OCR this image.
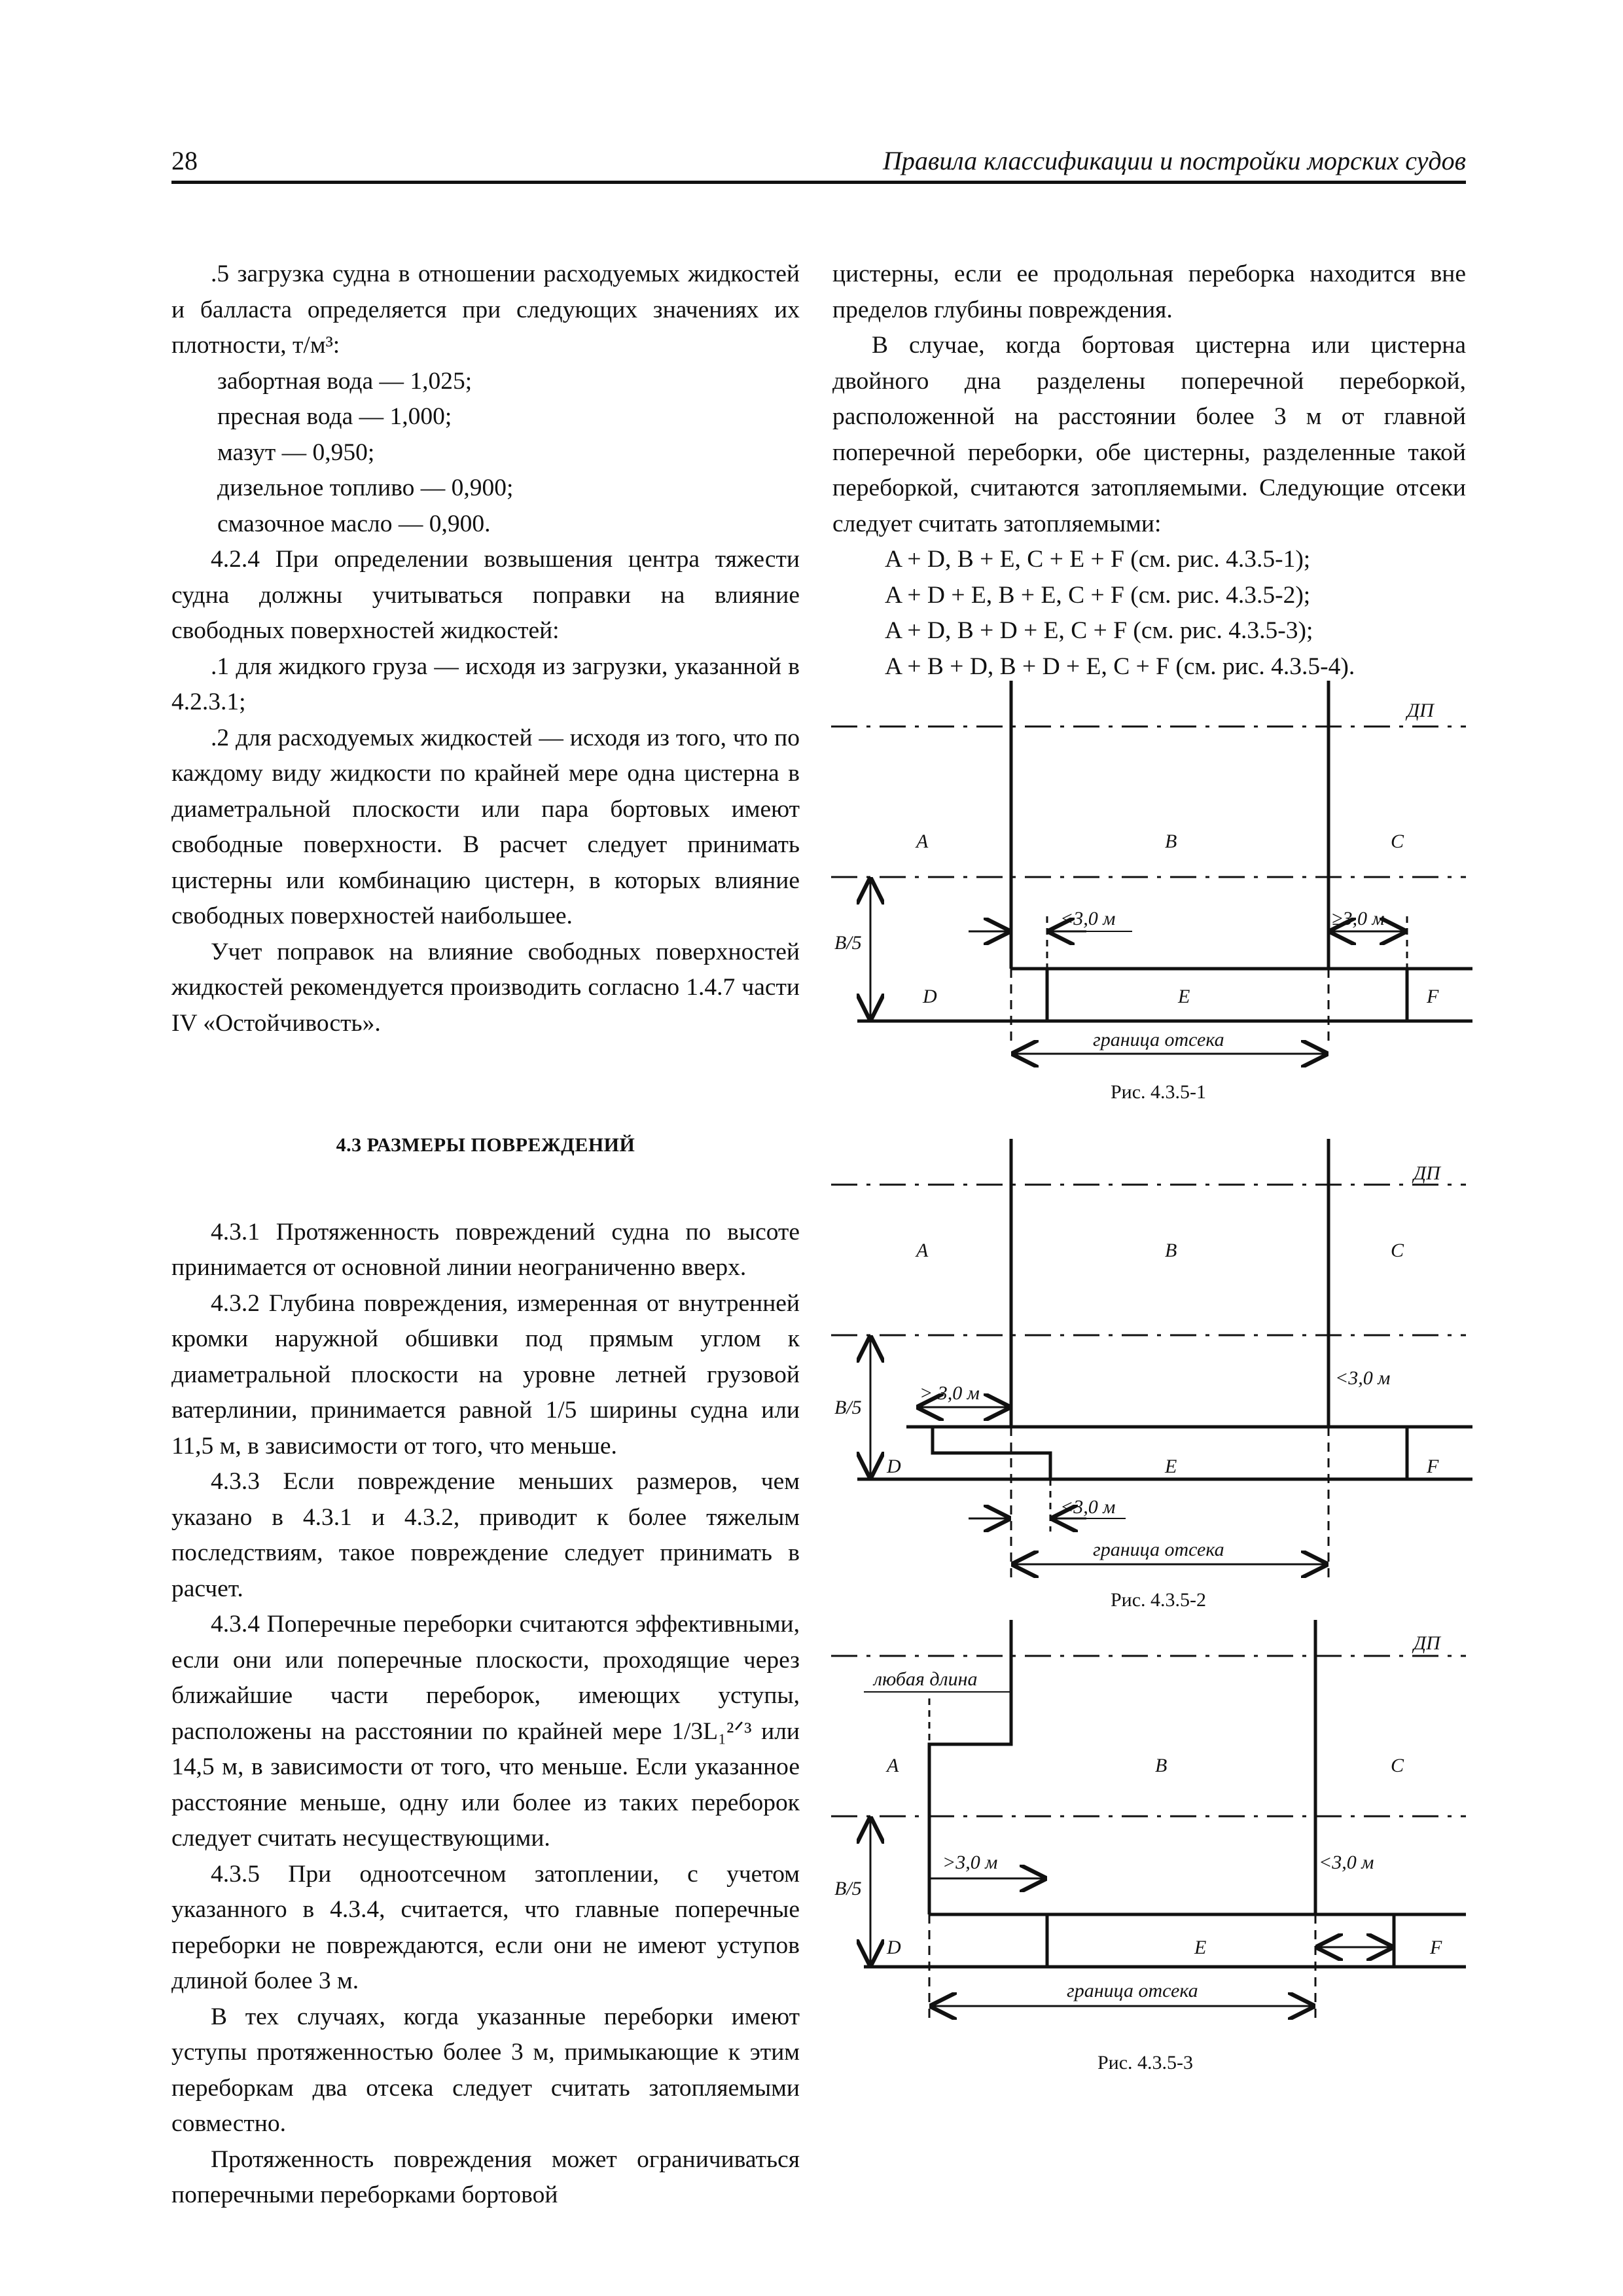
28	Правила классификации и постройки морских судов

.5 загрузка судна в отношении расходуемых жидкостей и балласта определяется при следующих значениях их плотности, т/м³:

забортная вода — 1,025;

пресная вода — 1,000;

мазут — 0,950;

дизельное топливо — 0,900;

смазочное масло — 0,900.

4.2.4 При определении возвышения центра тяжести судна должны учитываться поправки на влияние свободных поверхностей жидкостей:

.1 для жидкого груза — исходя из загрузки, указанной в 4.2.3.1;

.2 для расходуемых жидкостей — исходя из того, что по каждому виду жидкости по крайней мере одна цистерна в диаметральной плоскости или пара бортовых имеют свободные поверхности. В расчет следует принимать цистерны или комбинацию цистерн, в которых влияние свободных поверхностей наибольшее.

Учет поправок на влияние свободных поверхностей жидкостей рекомендуется производить согласно 1.4.7 части IV «Остойчивость».

4.3 РАЗМЕРЫ ПОВРЕЖДЕНИЙ

4.3.1 Протяженность повреждений судна по высоте принимается от основной линии неограниченно вверх.

4.3.2 Глубина повреждения, измеренная от внутренней кромки наружной обшивки под прямым углом к диаметральной плоскости на уровне летней грузовой ватерлинии, принимается равной 1/5 ширины судна или 11,5 м, в зависимости от того, что меньше.

4.3.3 Если повреждение меньших размеров, чем указано в 4.3.1 и 4.3.2, приводит к более тяжелым последствиям, такое повреждение следует принимать в расчет.

4.3.4 Поперечные переборки считаются эффективными, если они или поперечные плоскости, проходящие через ближайшие части переборок, имеющих уступы, расположены на расстоянии по крайней мере 1/3L₁²ᐟ³ или 14,5 м, в зависимости от того, что меньше. Если указанное расстояние меньше, одну или более из таких переборок следует считать несуществующими.

4.3.5 При одноотсечном затоплении, с учетом указанного в 4.3.4, считается, что главные поперечные переборки не повреждаются, если они не имеют уступов длиной более 3 м.

В тех случаях, когда указанные переборки имеют уступы протяженностью более 3 м, примыкающие к этим переборкам два отсека следует считать затопляемыми совместно.

Протяженность повреждения может ограничиваться поперечными переборками бортовой

цистерны, если ее продольная переборка находится вне пределов глубины повреждения.

В случае, когда бортовая цистерна или цистерна двойного дна разделены поперечной переборкой, расположенной на расстоянии более 3 м от главной поперечной переборки, обе цистерны, разделенные такой переборкой, считаются затопляемыми. Следующие отсеки следует считать затопляемыми:

A + D, B + E, C + E + F (см. рис. 4.3.5-1);

A + D + E, B + E, C + F (см. рис. 4.3.5-2);

A + D, B + D + E, C + F (см. рис. 4.3.5-3);

A + B + D, B + D + E, C + F (см. рис. 4.3.5-4).

ДП
A	B	C
B/5
<3,0 м	≥3,0 м
D	E	F
граница отсека
Рис. 4.3.5-1
ДП
A	B	C
B/5
> 3,0 м
<3,0 м
D	E	F
<3,0 м
граница отсека
Рис. 4.3.5-2
ДП
любая длина
A	B	C
B/5
>3,0 м	<3,0 м
D	E	F
граница отсека
Рис. 4.3.5-3
